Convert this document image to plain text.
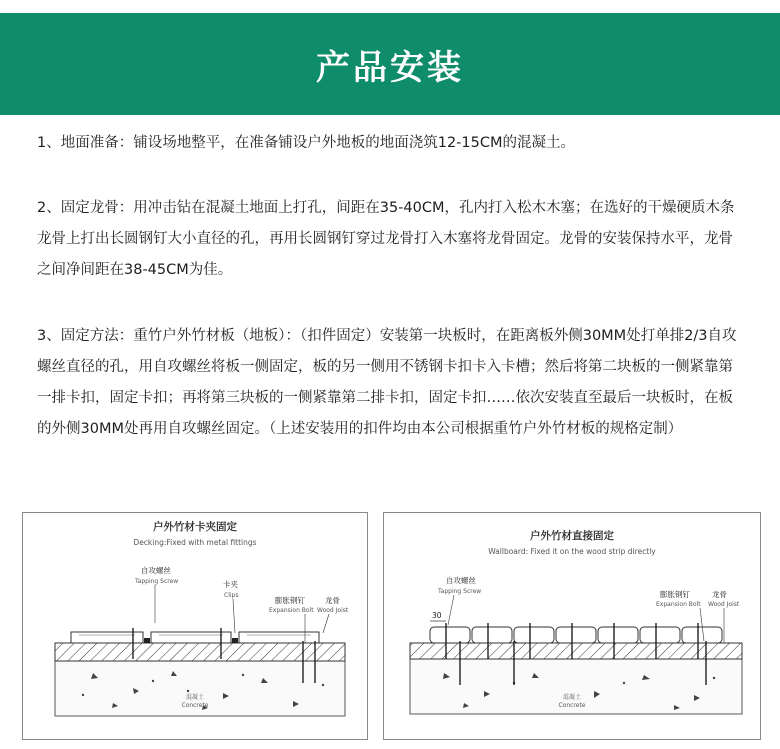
产品安装

1、地面准备：铺设场地整平，在准备铺设户外地板的地面浇筑12-15CM的混凝土。

2、固定龙骨：用冲击钻在混凝土地面上打孔，间距在35-40CM，孔内打入松木木塞；在选好的干燥硬质木条龙骨上打出长圆钢钉大小直径的孔，再用长圆钢钉穿过龙骨打入木塞将龙骨固定。龙骨的安装保持水平，龙骨之间净间距在38-45CM为佳。

3、固定方法：重竹户外竹材板（地板）：（扣件固定）安装第一块板时，在距离板外侧30MM处打单排2/3自攻螺丝直径的孔，用自攻螺丝将板一侧固定，板的另一侧用不锈钢卡扣卡入卡槽；然后将第二块板的一侧紧靠第一排卡扣，固定卡扣；再将第三块板的一侧紧靠第二排卡扣，固定卡扣……依次安装直至最后一块板时，在板的外侧30MM处再用自攻螺丝固定。（上述安装用的扣件均由本公司根据重竹户外竹材板的规格定制）

户外竹材卡夹固定
Decking:Fixed with metal fittings
混凝土
Concrete
自攻螺丝
Tapping Screw	卡夹
Clips
膨胀钢钉
Expansion Bolt
龙骨
Wood Joist
户外竹材直接固定
Wallboard: Fixed it on the wood strip directly
混凝土
Concrete
30
自攻螺丝
Tapping Screw	膨胀钢钉
Expansion Bolt
龙骨
Wood Joist
